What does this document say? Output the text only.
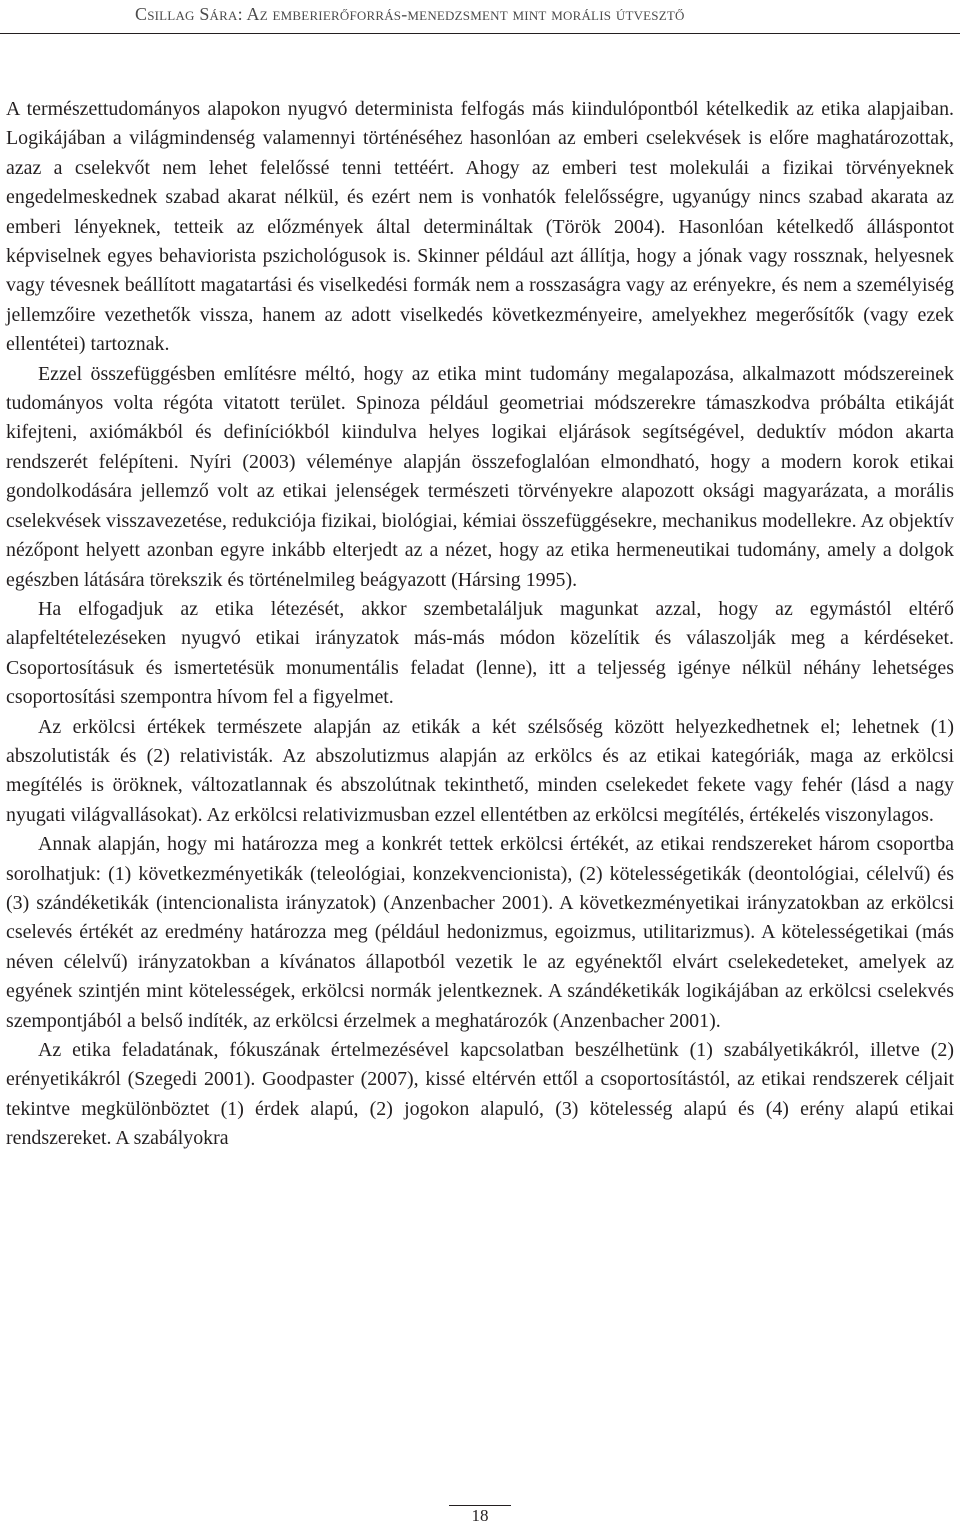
Csillag Sára: Az emberierőforrás-menedzsment mint morális útvesztő

A természettudományos alapokon nyugvó determinista felfogás más kiindulópontból kételkedik az etika alapjaiban. Logikájában a világmindenség valamennyi történéséhez hasonlóan az emberi cselekvések is előre maghatározottak, azaz a cselekvőt nem lehet felelőssé tenni tettéért. Ahogy az emberi test molekulái a fizikai törvényeknek engedelmeskednek szabad akarat nélkül, és ezért nem is vonhatók felelősségre, ugyanúgy nincs szabad akarata az emberi lényeknek, tetteik az előzmények által determináltak (Török 2004). Hasonlóan kételkedő álláspontot képviselnek egyes behaviorista pszichológusok is. Skinner például azt állítja, hogy a jónak vagy rossznak, helyesnek vagy tévesnek beállított magatartási és viselkedési formák nem a rosszaságra vagy az erényekre, és nem a személyiség jellemzőire vezethetők vissza, hanem az adott viselkedés következményeire, amelyekhez megerősítők (vagy ezek ellentétei) tartoznak.

Ezzel összefüggésben említésre méltó, hogy az etika mint tudomány megalapozása, alkalmazott módszereinek tudományos volta régóta vitatott terület. Spinoza például geometriai módszerekre támaszkodva próbálta etikáját kifejteni, axiómákból és definíciókból kiindulva helyes logikai eljárások segítségével, deduktív módon akarta rendszerét felépíteni. Nyíri (2003) véleménye alapján összefoglalóan elmondható, hogy a modern korok etikai gondolkodására jellemző volt az etikai jelenségek természeti törvényekre alapozott oksági magyarázata, a morális cselekvések visszavezetése, redukciója fizikai, biológiai, kémiai összefüggésekre, mechanikus modellekre. Az objektív nézőpont helyett azonban egyre inkább elterjedt az a nézet, hogy az etika hermeneutikai tudomány, amely a dolgok egészben látására törekszik és történelmileg beágyazott (Hársing 1995).

Ha elfogadjuk az etika létezését, akkor szembetaláljuk magunkat azzal, hogy az egymástól eltérő alapfeltételezéseken nyugvó etikai irányzatok más-más módon közelítik és válaszolják meg a kérdéseket. Csoportosításuk és ismertetésük monumentális feladat (lenne), itt a teljesség igénye nélkül néhány lehetséges csoportosítási szempontra hívom fel a figyelmet.

Az erkölcsi értékek természete alapján az etikák a két szélsőség között helyezkedhetnek el; lehetnek (1) abszolutisták és (2) relativisták. Az abszolutizmus alapján az erkölcs és az etikai kategóriák, maga az erkölcsi megítélés is öröknek, változatlannak és abszolútnak tekinthető, minden cselekedet fekete vagy fehér (lásd a nagy nyugati világvallásokat). Az erkölcsi relativizmusban ezzel ellentétben az erkölcsi megítélés, értékelés viszonylagos.

Annak alapján, hogy mi határozza meg a konkrét tettek erkölcsi értékét, az etikai rendszereket három csoportba sorolhatjuk: (1) következményetikák (teleológiai, konzekvencionista), (2) kötelességetikák (deontológiai, célelvű) és (3) szándéketikák (intencionalista irányzatok) (Anzenbacher 2001). A következményetikai irányzatokban az erkölcsi cselevés értékét az eredmény határozza meg (például hedonizmus, egoizmus, utilitarizmus). A kötelességetikai (más néven célelvű) irányzatokban a kívánatos állapotból vezetik le az egyénektől elvárt cselekedeteket, amelyek az egyének szintjén mint kötelességek, erkölcsi normák jelentkeznek. A szándéketikák logikájában az erkölcsi cselekvés szempontjából a belső indíték, az erkölcsi érzelmek a meghatározók (Anzenbacher 2001).

Az etika feladatának, fókuszának értelmezésével kapcsolatban beszélhetünk (1) szabályetikákról, illetve (2) erényetikákról (Szegedi 2001). Goodpaster (2007), kissé eltérvén ettől a csoportosítástól, az etikai rendszerek céljait tekintve megkülönböztet (1) érdek alapú, (2) jogokon alapuló, (3) kötelesség alapú és (4) erény alapú etikai rendszereket. A szabályokra

18
